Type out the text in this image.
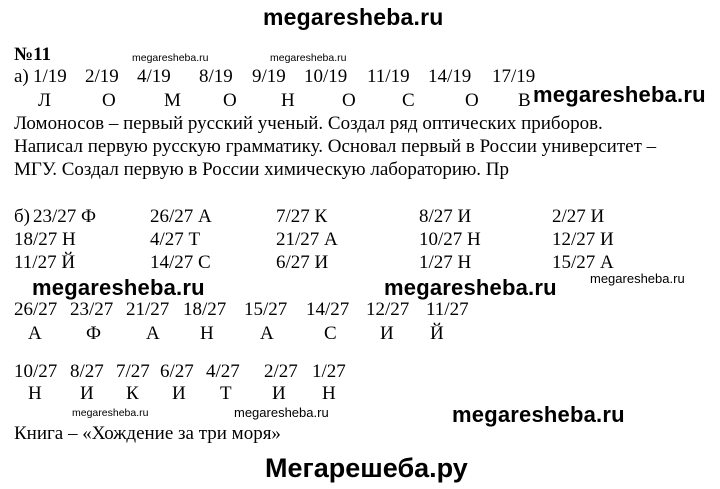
megaresheba.ru
№11	megaresheba.ru	megaresheba.ru
а) 1/19 2/19 4/19 8/19 9/19 10/19 11/19 14/19 17/19
Л	О	М О Н О С	О В megaresheba.ru
Ломоносов – первый русский ученый. Создал ряд оптических приборов.
Написал первую русскую грамматику. Основал первый в России университет –
МГУ. Создал первую в России химическую лабораторию. Пр
б) 23/27 Ф	26/27 А	7/27 К	8/27 И	2/27 И
18/27 Н	4/27 Т	21/27 А	10/27 Н	12/27 И
11/27 Й	14/27 С	6/27 И	1/27 Н	15/27 А
megaresheba.ru
megaresheba.ru	megaresheba.ru
26/27 23/27 21/27 18/27 15/27 14/27 12/27 11/27
А Ф А Н А	С И Й
10/27 8/27 7/27 6/27 4/27 2/27 1/27
Н И К И Т И Н
megaresheba.ru	megaresheba.ru	megaresheba.ru
Книга – «Хождение за три моря»
Мегарешеба.ру
